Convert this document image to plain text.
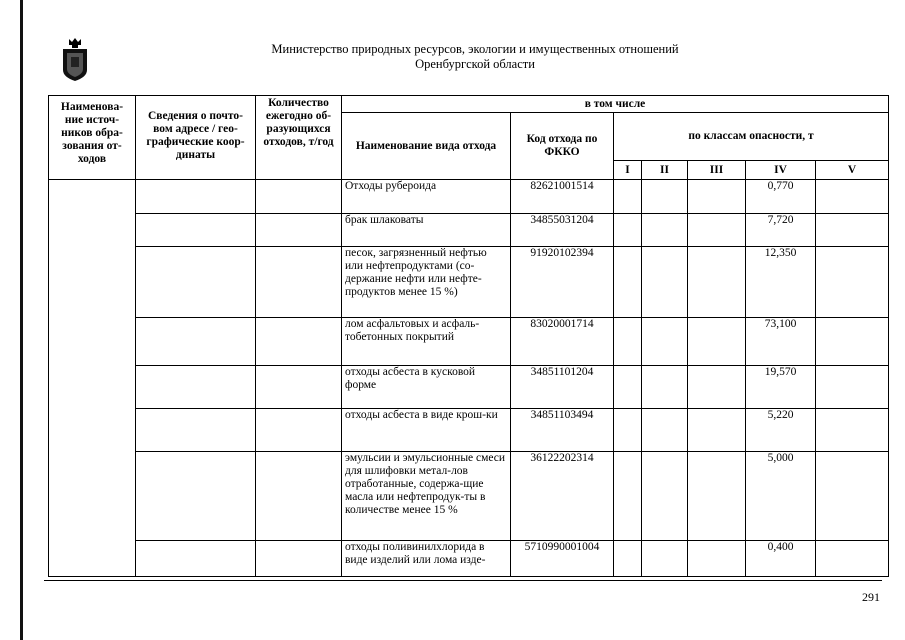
Министерство природных ресурсов, экологии и имущественных отношений
Оренбургской области
Наименова-ние источ-ников обра-зования от-ходов	Сведения о почто-вом адресе / гео-графические коор-динаты	Количество ежегодно об-разующихся отходов, т/год	в том числе						
			Наименование вида отхода	Код отхода по ФККО	по классам опасности, т				
					I	II	III	IV	V
			Отходы рубероида	82621001514				0,770	
			брак шлаковаты	34855031204				7,720	
			песок, загрязненный нефтью или нефтепродуктами (со-держание нефти или нефте-продуктов менее 15 %)	91920102394				12,350	
			лом асфальтовых и асфаль-тобетонных покрытий	83020001714				73,100	
			отходы асбеста в кусковой форме	34851101204				19,570	
			отходы асбеста в виде крош-ки	34851103494				5,220	
			эмульсии и эмульсионные смеси для шлифовки метал-лов отработанные, содержа-щие масла или нефтепродук-ты в количестве менее 15 %	36122202314				5,000	
			отходы поливинилхлорида в виде изделий или лома изде-	5710990001004				0,400	
291
